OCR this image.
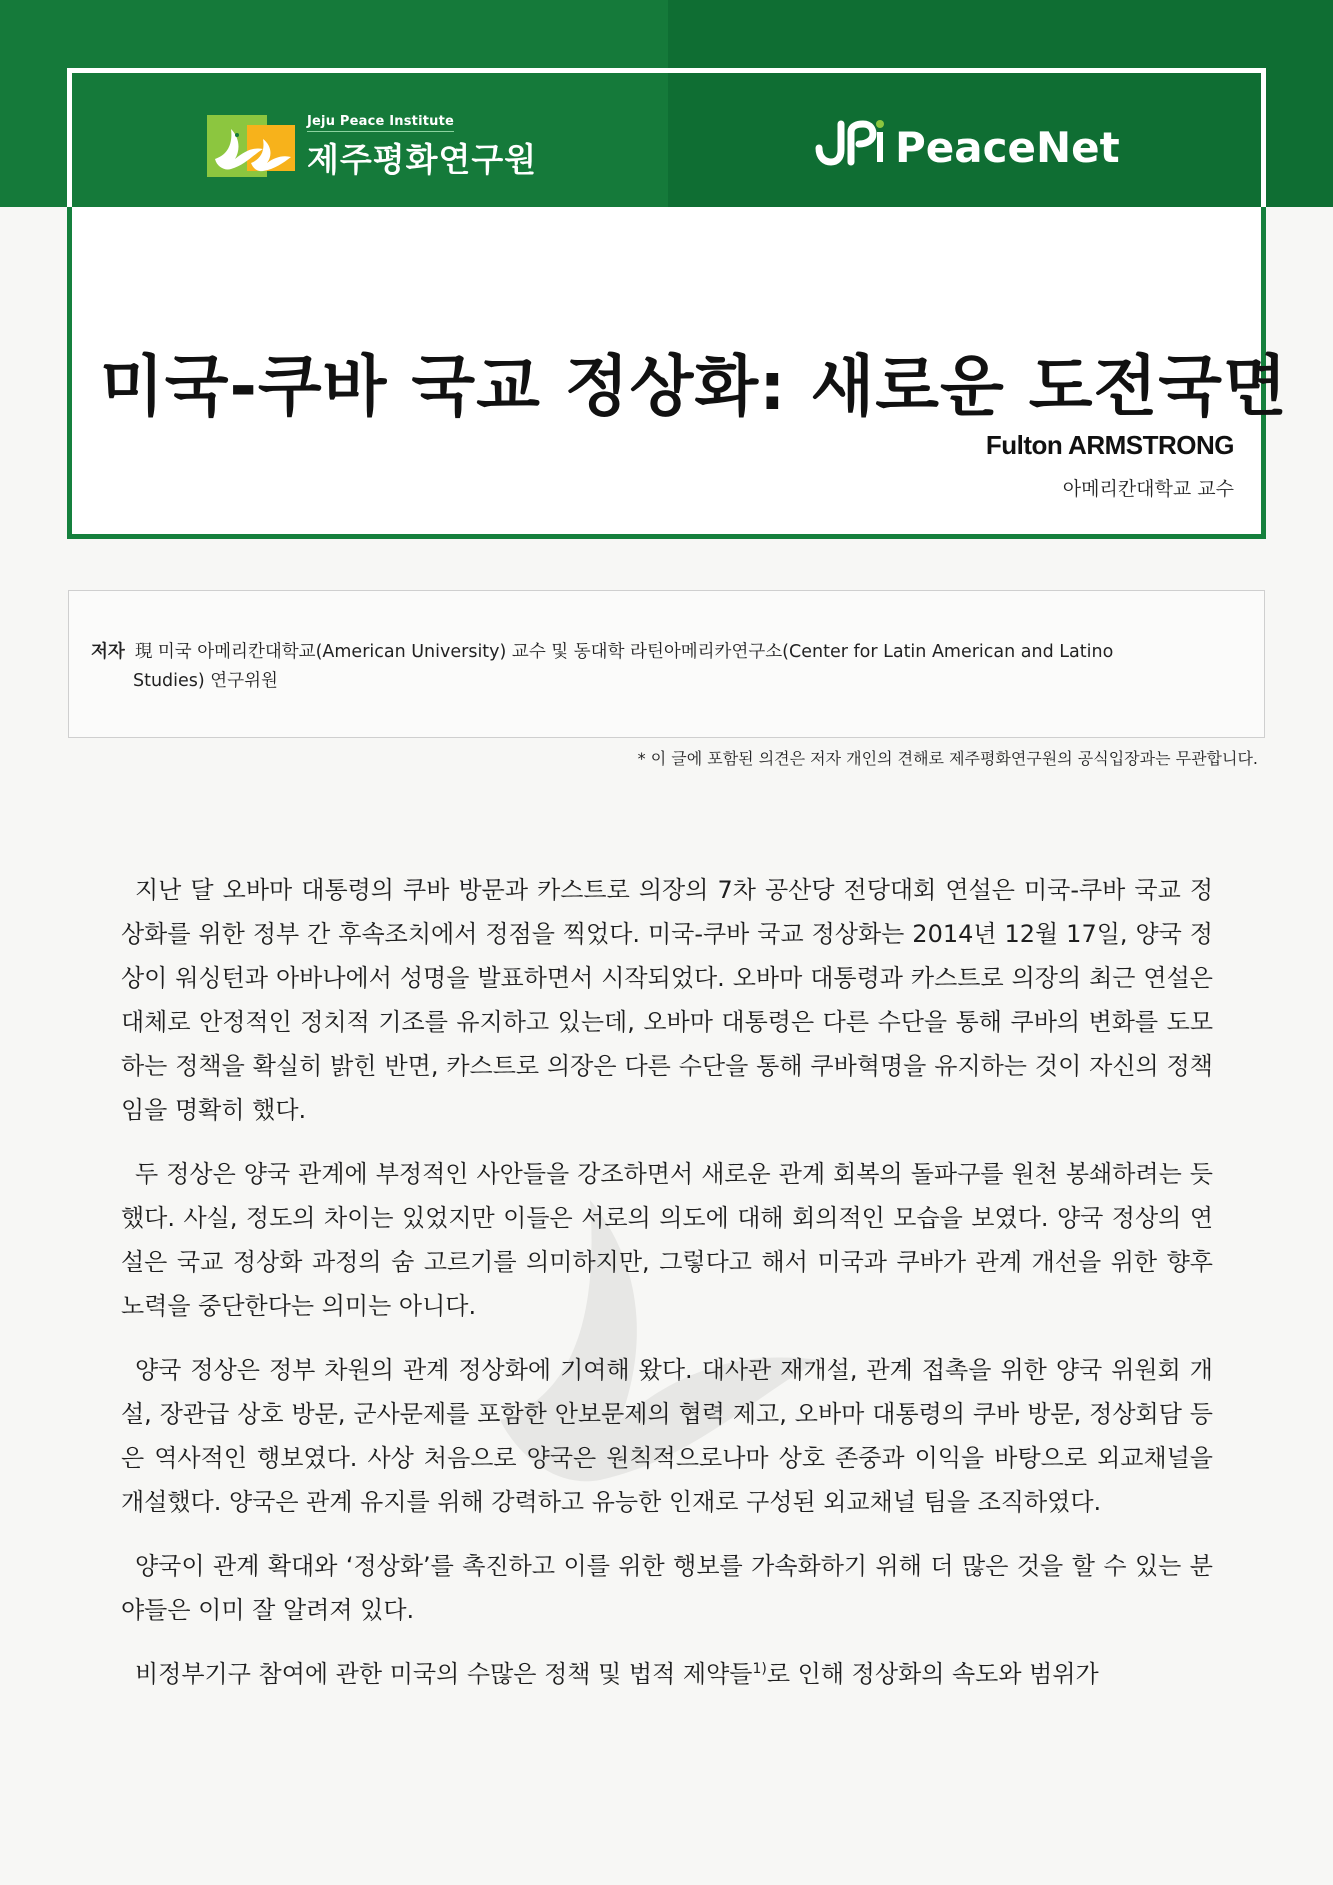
Jeju Peace Institute
제주평화연구원	PeaceNet
미국-쿠바 국교 정상화: 새로운 도전국면
Fulton ARMSTRONG
아메리칸대학교 교수
저자 現 미국 아메리칸대학교(American University) 교수 및 동대학 라틴아메리카연구소(Center for Latin American and Latino
Studies) 연구위원
* 이 글에 포함된 의견은 저자 개인의 견해로 제주평화연구원의 공식입장과는 무관합니다.

지난 달 오바마 대통령의 쿠바 방문과 카스트로 의장의 7차 공산당 전당대회 연설은 미국-쿠바 국교 정상화를 위한 정부 간 후속조치에서 정점을 찍었다. 미국-쿠바 국교 정상화는 2014년 12월 17일, 양국 정상이 워싱턴과 아바나에서 성명을 발표하면서 시작되었다. 오바마 대통령과 카스트로 의장의 최근 연설은 대체로 안정적인 정치적 기조를 유지하고 있는데, 오바마 대통령은 다른 수단을 통해 쿠바의 변화를 도모하는 정책을 확실히 밝힌 반면, 카스트로 의장은 다른 수단을 통해 쿠바혁명을 유지하는 것이 자신의 정책임을 명확히 했다.

두 정상은 양국 관계에 부정적인 사안들을 강조하면서 새로운 관계 회복의 돌파구를 원천 봉쇄하려는 듯했다. 사실, 정도의 차이는 있었지만 이들은 서로의 의도에 대해 회의적인 모습을 보였다. 양국 정상의 연설은 국교 정상화 과정의 숨 고르기를 의미하지만, 그렇다고 해서 미국과 쿠바가 관계 개선을 위한 향후 노력을 중단한다는 의미는 아니다.

양국 정상은 정부 차원의 관계 정상화에 기여해 왔다. 대사관 재개설, 관계 접촉을 위한 양국 위원회 개설, 장관급 상호 방문, 군사문제를 포함한 안보문제의 협력 제고, 오바마 대통령의 쿠바 방문, 정상회담 등은 역사적인 행보였다. 사상 처음으로 양국은 원칙적으로나마 상호 존중과 이익을 바탕으로 외교채널을 개설했다. 양국은 관계 유지를 위해 강력하고 유능한 인재로 구성된 외교채널 팀을 조직하였다.

양국이 관계 확대와 ‘정상화’를 촉진하고 이를 위한 행보를 가속화하기 위해 더 많은 것을 할 수 있는 분야들은 이미 잘 알려져 있다.

비정부기구 참여에 관한 미국의 수많은 정책 및 법적 제약들$^{1)}$로 인해 정상화의 속도와 범위가
